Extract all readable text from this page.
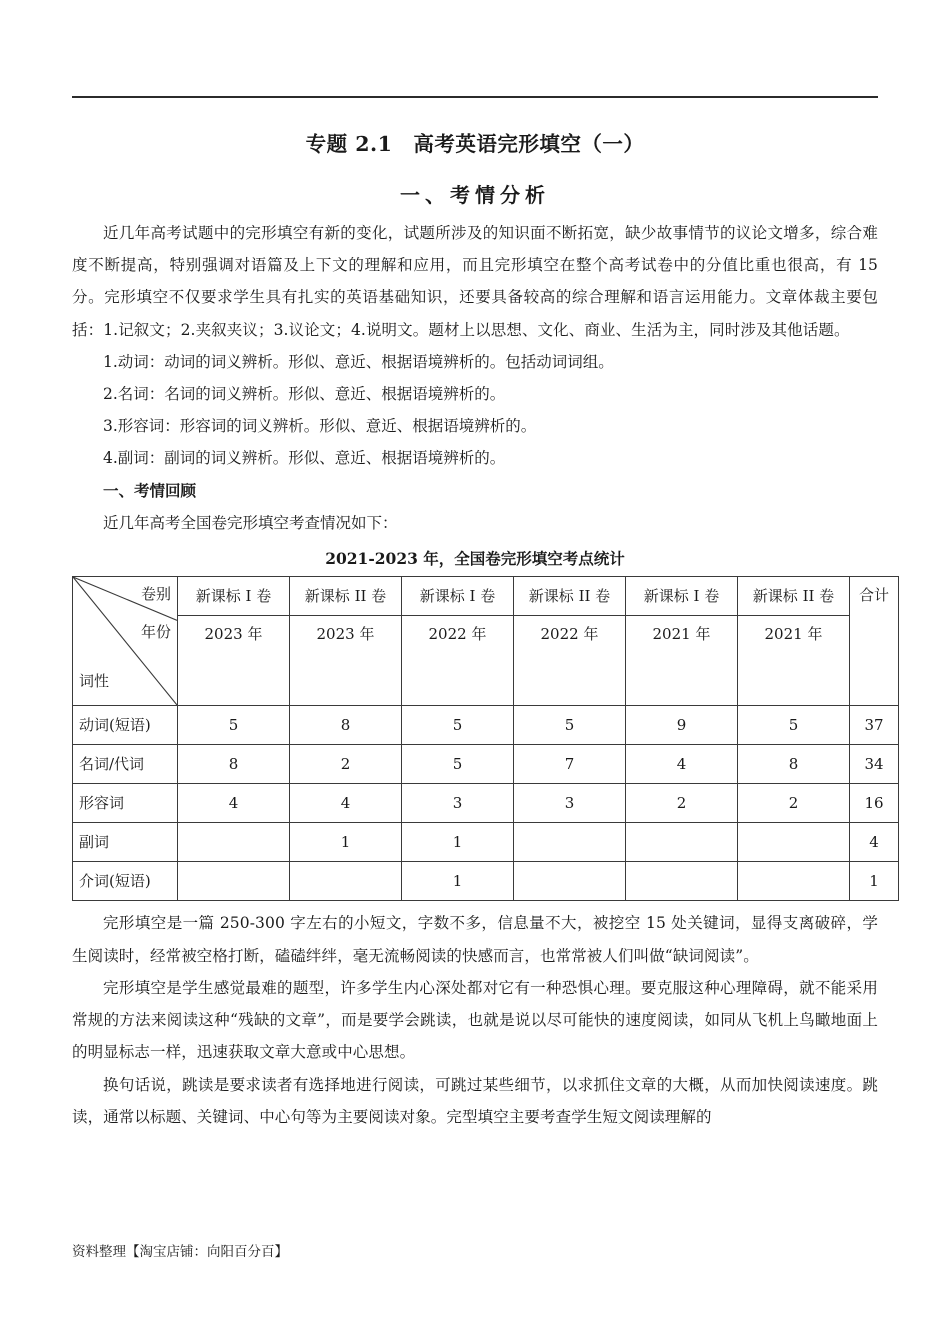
专题 2.1　高考英语完形填空（一）
一、考情分析

近几年高考试题中的完形填空有新的变化，试题所涉及的知识面不断拓宽，缺少故事情节的议论文增多，综合难度不断提高，特别强调对语篇及上下文的理解和应用，而且完形填空在整个高考试卷中的分值比重也很高，有 15 分。完形填空不仅要求学生具有扎实的英语基础知识，还要具备较高的综合理解和语言运用能力。文章体裁主要包括：1.记叙文；2.夹叙夹议；3.议论文；4.说明文。题材上以思想、文化、商业、生活为主，同时涉及其他话题。

1.动词：动词的词义辨析。形似、意近、根据语境辨析的。包括动词词组。

2.名词：名词的词义辨析。形似、意近、根据语境辨析的。

3.形容词：形容词的词义辨析。形似、意近、根据语境辨析的。

4.副词：副词的词义辨析。形似、意近、根据语境辨析的。

一、考情回顾

近几年高考全国卷完形填空考查情况如下：

2021-2023 年，全国卷完形填空考点统计
卷别
年份
词性	新课标 I 卷	新课标 II 卷	新课标 I 卷	新课标 II 卷	新课标 I 卷	新课标 II 卷	合计
	2023 年	2023 年	2022 年	2022 年	2021 年	2021 年	
动词(短语)	5	8	5	5	9	5	37
名词/代词	8	2	5	7	4	8	34
形容词	4	4	3	3	2	2	16
副词		1	1				4
介词(短语)			1				1

完形填空是一篇 250-300 字左右的小短文，字数不多，信息量不大，被挖空 15 处关键词，显得支离破碎，学生阅读时，经常被空格打断，磕磕绊绊，毫无流畅阅读的快感而言，也常常被人们叫做“缺词阅读”。

完形填空是学生感觉最难的题型，许多学生内心深处都对它有一种恐惧心理。要克服这种心理障碍，就不能采用常规的方法来阅读这种“残缺的文章”，而是要学会跳读，也就是说以尽可能快的速度阅读，如同从飞机上鸟瞰地面上的明显标志一样，迅速获取文章大意或中心思想。

换句话说，跳读是要求读者有选择地进行阅读，可跳过某些细节，以求抓住文章的大概，从而加快阅读速度。跳读，通常以标题、关键词、中心句等为主要阅读对象。完型填空主要考查学生短文阅读理解的

资料整理【淘宝店铺：向阳百分百】
